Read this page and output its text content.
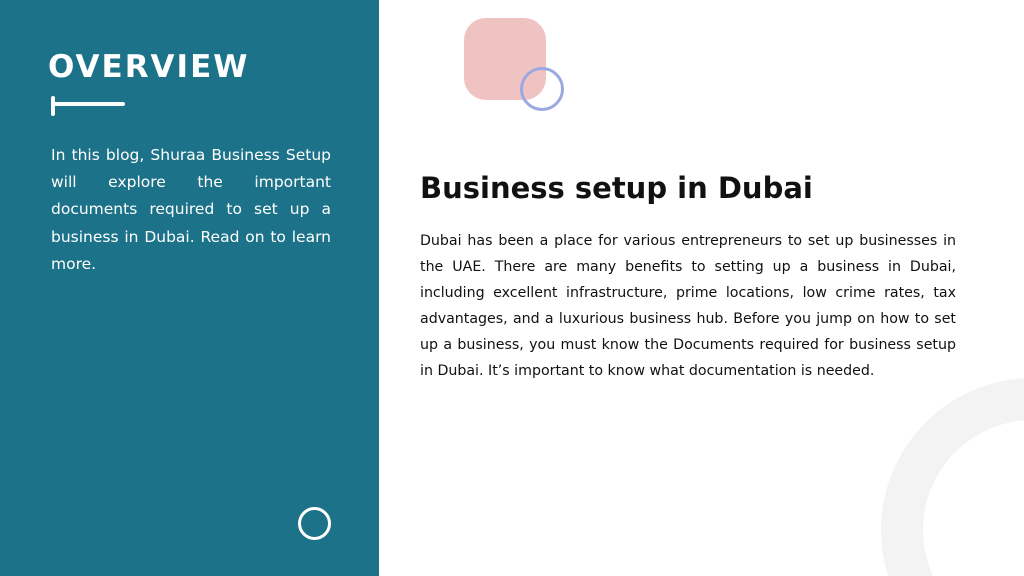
OVERVIEW

In this blog, Shuraa Business Setup will explore the important documents required to set up a business in Dubai. Read on to learn more.

Business setup in Dubai

Dubai has been a place for various entrepreneurs to set up businesses in the UAE. There are many benefits to setting up a business in Dubai, including excellent infrastructure, prime locations, low crime rates, tax advantages, and a luxurious business hub. Before you jump on how to set up a business, you must know the Documents required for business setup in Dubai. It’s important to know what documentation is needed.
